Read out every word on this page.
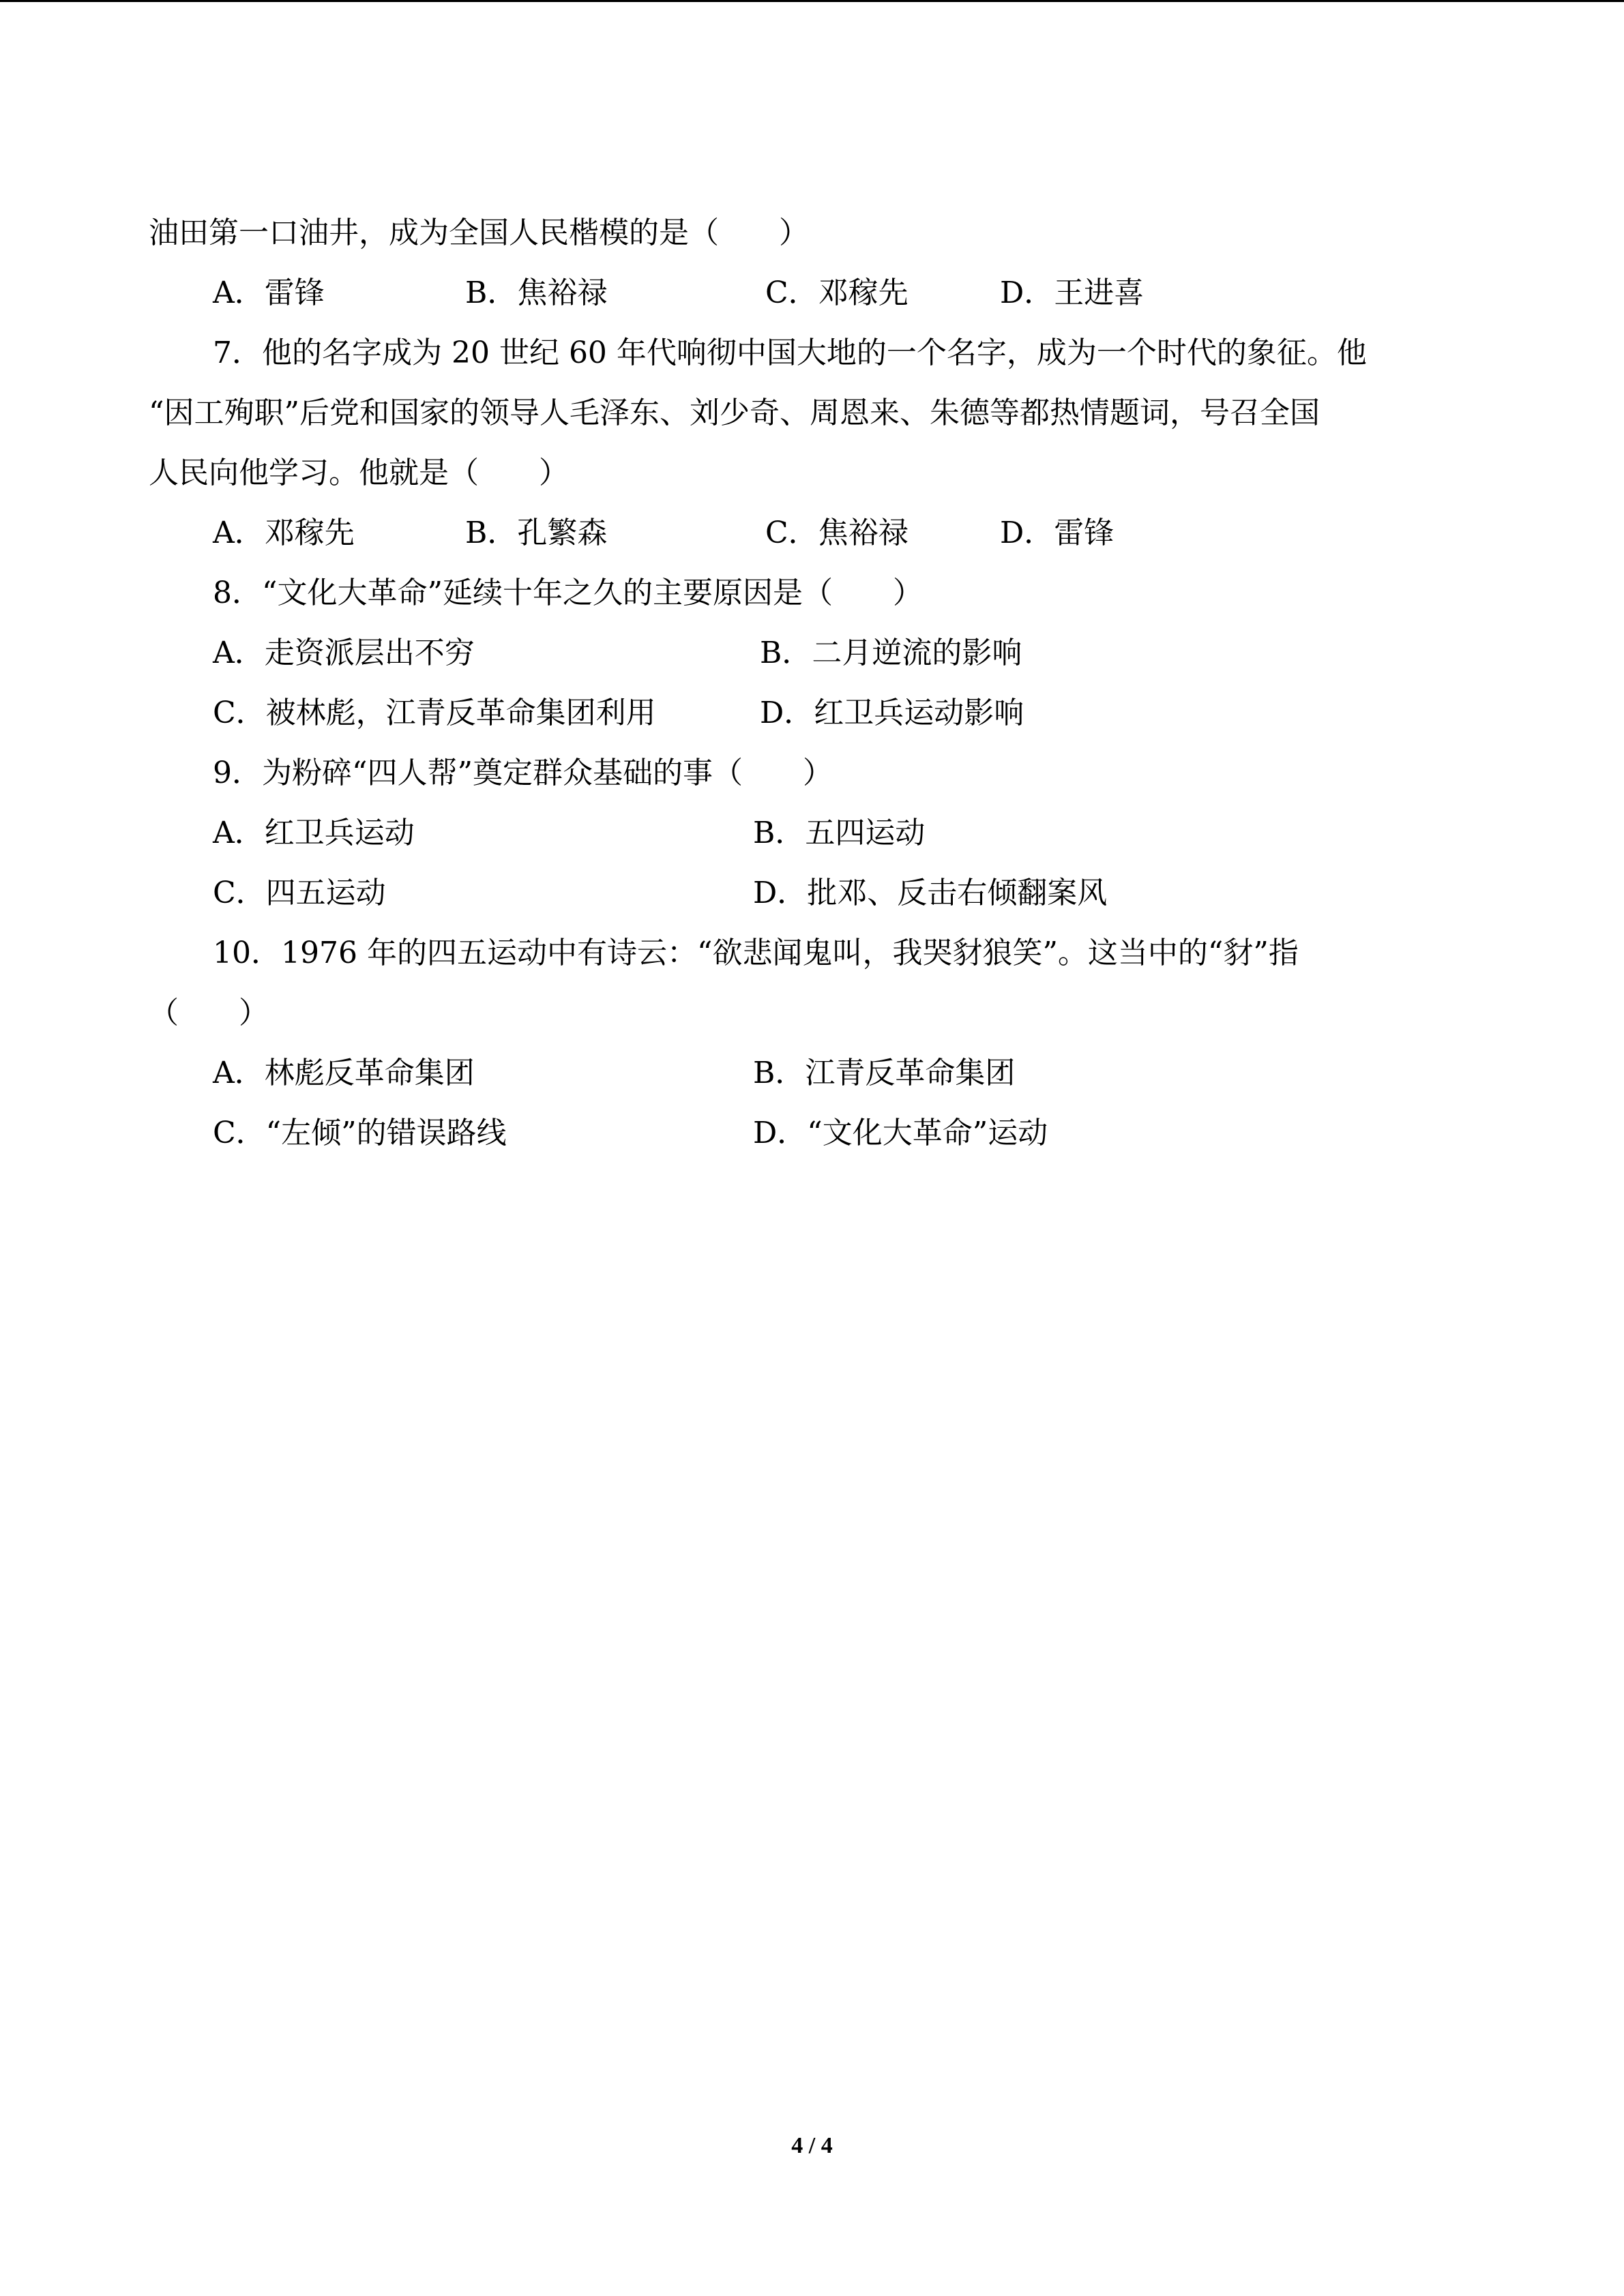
油田第一口油井，成为全国人民楷模的是（　　）
A．雷锋	B．焦裕禄	C．邓稼先	D．王进喜
7．他的名字成为 20 世纪 60 年代响彻中国大地的一个名字，成为一个时代的象征。他
“因工殉职”后党和国家的领导人毛泽东、刘少奇、周恩来、朱德等都热情题词，号召全国
人民向他学习。他就是（　　）
A．邓稼先	B．孔繁森	C．焦裕禄	D．雷锋
8．“文化大革命”延续十年之久的主要原因是（　　）
A．走资派层出不穷	B．二月逆流的影响
C．被林彪，江青反革命集团利用	D．红卫兵运动影响
9．为粉碎“四人帮”奠定群众基础的事（　　）
A．红卫兵运动	B．五四运动
C．四五运动	D．批邓、反击右倾翻案风
10．1976 年的四五运动中有诗云：“欲悲闻鬼叫，我哭豺狼笑”。这当中的“豺”指
（　　）
A．林彪反革命集团	B．江青反革命集团
C．“左倾”的错误路线	D．“文化大革命”运动
4 / 4
